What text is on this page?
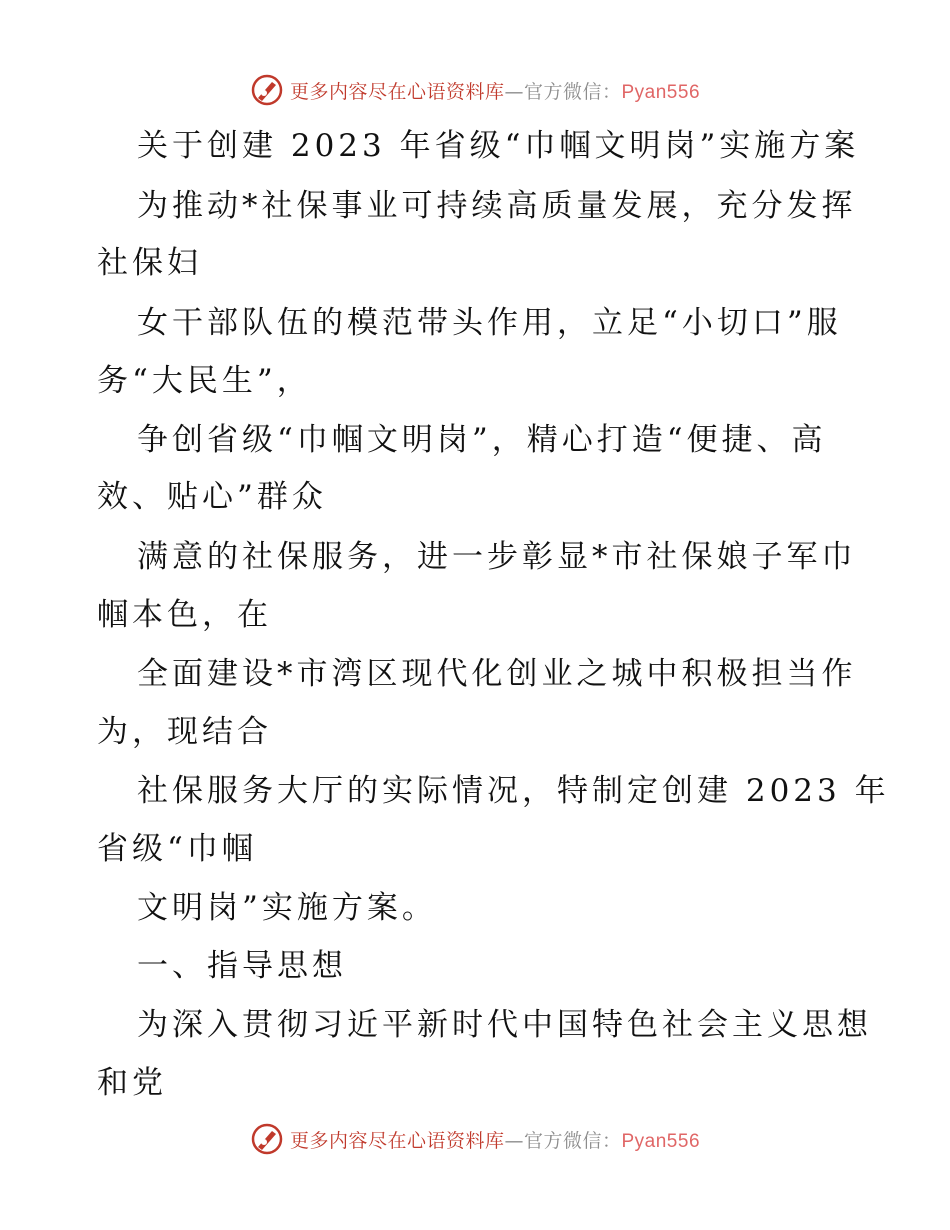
更多内容尽在心语资料库—官方微信：Pyan556
关于创建 2023 年省级“巾帼文明岗”实施方案
为推动*社保事业可持续高质量发展，充分发挥
社保妇
女干部队伍的模范带头作用，立足“小切口”服
务“大民生”，
争创省级“巾帼文明岗”，精心打造“便捷、高
效、贴心”群众
满意的社保服务，进一步彰显*市社保娘子军巾
帼本色，在
全面建设*市湾区现代化创业之城中积极担当作
为，现结合
社保服务大厅的实际情况，特制定创建 2023 年
省级“巾帼
文明岗”实施方案。
一、指导思想
为深入贯彻习近平新时代中国特色社会主义思想
和党
更多内容尽在心语资料库—官方微信：Pyan556
